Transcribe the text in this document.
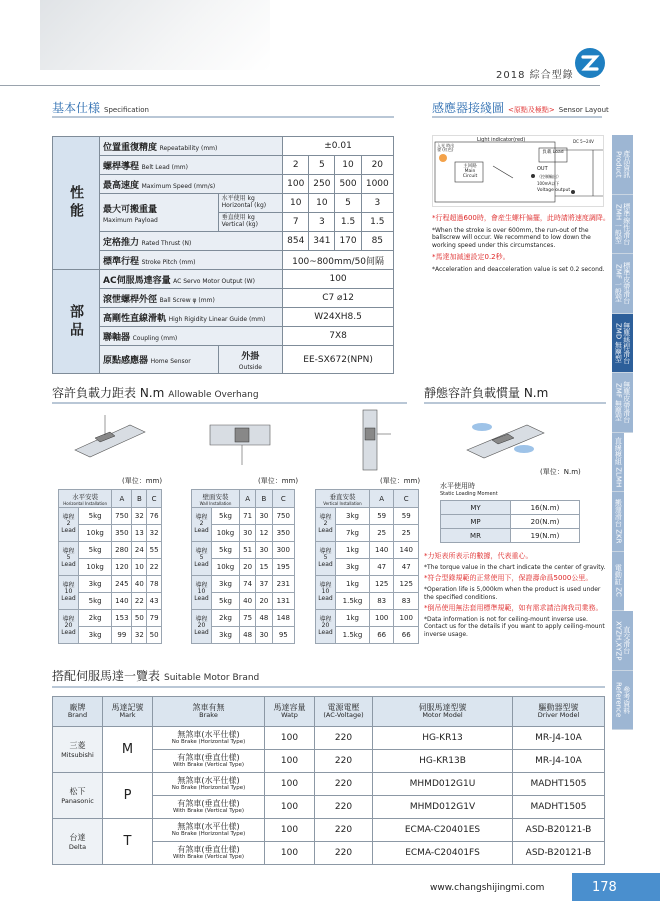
2018 綜合型錄
產品資訊 Product
標準線性滑台 ZMH 一般型
標準皮帶滑台 ZMF 一般型
無塵絲桿滑台 ZMD 無塵型
無塵皮帶滑台 ZMF 無塵型
直線模組 ZLMH
搬運滑台 ZKR
電動缸 ZC
直交滑台 XYZH,XYZP
參考資料 Reference
基本仕様 Specification
性能	位置重復精度 Repeatability (mm)		±0.01			
	螺桿導程 Belt Lead (mm)		2	5	10	20
	最高速度 Maximum Speed (mm/s)		100	250	500	1000
	最大可搬重量
Maximum Payload	水平使用 kg
Horizontal (kg)	10	10	5	3
		垂直使用 kg
Vertical (kg)	7	3	1.5	1.5
	定格推力 Rated Thrust (N)		854	341	170	85
	標準行程 Stroke Pitch (mm)		100~800mm/50间隔			
部品	AC伺服馬達容量 AC Servo Motor Output (W)		100			
	滾怈螺桿外徑 Ball Screw φ (mm)		C7 ⌀12			
	高剛性直線滑軌 High Rigidity Linear Guide (mm)		W24XH8.5			
	聯軸器 Coupling (mm)		7X8			
	原點感應器 Home Sensor	外掛
Outside	EE-SX672(NPN)			
感應器接綫圖 <原點及極點> Sensor Layout
Light indicator(red)
入光 時出發 (紅色)
主回路
Main Circuit
負載 Load
OUT
DC 5~24V
（控制輸出）
100mA以下
Voltage output

*行程超過600時，會産生螺杆偏擺，此時請將速度調降。

*When the stroke is over 600mm, the run-out of the ballscrew will occur. We recommend to low down the working speed under this circumstances.

*馬達加減速設定0.2秒。

*Acceleration and deacceleration value is set 0.2 second.

容許負載力距表 N.m Allowable Overhang
(單位：mm)	(單位：mm)	(單位：mm)
水平安裝
Horizontal Installation		A	B	C
導程
2
Lead	5kg	750	32	76
	10kg	350	13	32
導程
5
Lead	5kg	280	24	55
	10kg	120	10	22
導程
10
Lead	3kg	245	40	78
	5kg	140	22	43
導程
20
Lead	2kg	153	50	79
	3kg	99	32	50
壁面安裝
Wall Installation		A	B	C
導程
2
Lead	5kg	71	30	750
	10kg	30	12	350
導程
5
Lead	5kg	51	30	300
	10kg	20	15	195
導程
10
Lead	3kg	74	37	231
	5kg	40	20	131
導程
20
Lead	2kg	75	48	148
	3kg	48	30	95
垂直安裝
Vertical Installation		A	C
導程
2
Lead	3kg	59	59
	7kg	25	25
導程
5
Lead	1kg	140	140
	3kg	47	47
導程
10
Lead	1kg	125	125
	1.5kg	83	83
導程
20
Lead	1kg	100	100
	1.5kg	66	66
靜態容許負載慣量 N.m
(單位：N.m)
水平使用時
Static Loading Moment
MY	16(N.m)
MP	20(N.m)
MR	19(N.m)

*力矩表所表示的數據，代表重心。

*The torque value in the chart indicate the center of gravity.

*符合型錄規範的正常使用下，保證壽命爲5000公里。

*Operation life is 5,000km when the product is used under the specified conditions.

*倒吊使用無法套用標準規範，如有需求請洽詢我司業務。

*Data information is not for ceiling-mount inverse use. Contact us for the details if you want to apply ceiling-mount inverse usage.

搭配伺服馬達一覽表 Suitable Motor Brand
廠牌
Brand	馬達記號
Mark	煞車有無
Brake	馬達容量
Watp	電源電壓
(AC-Voltage)	伺服馬達型號
Motor Model	驅動器型號
Driver Model

三菱
Mitsubishi	M	無煞車(水平仕様)
No Brake (Horizontal Type)	100	220	HG-KR13	MR-J4-10A
		有煞車(垂直仕様)
With Brake (Vertical Type)	100	220	HG-KR13B	MR-J4-10A
松下
Panasonic	P	無煞車(水平仕様)
No Brake (Horizontal Type)	100	220	MHMD012G1U	MADHT1505
		有煞車(垂直仕様)
With Brake (Vertical Type)	100	220	MHMD012G1V	MADHT1505
台達
Delta	T	無煞車(水平仕様)
No Brake (Horizontal Type)	100	220	ECMA-C20401ES	ASD-B20121-B
		有煞車(垂直仕様)
With Brake (Vertical Type)	100	220	ECMA-C20401FS	ASD-B20121-B
www.changshijingmi.com	178
